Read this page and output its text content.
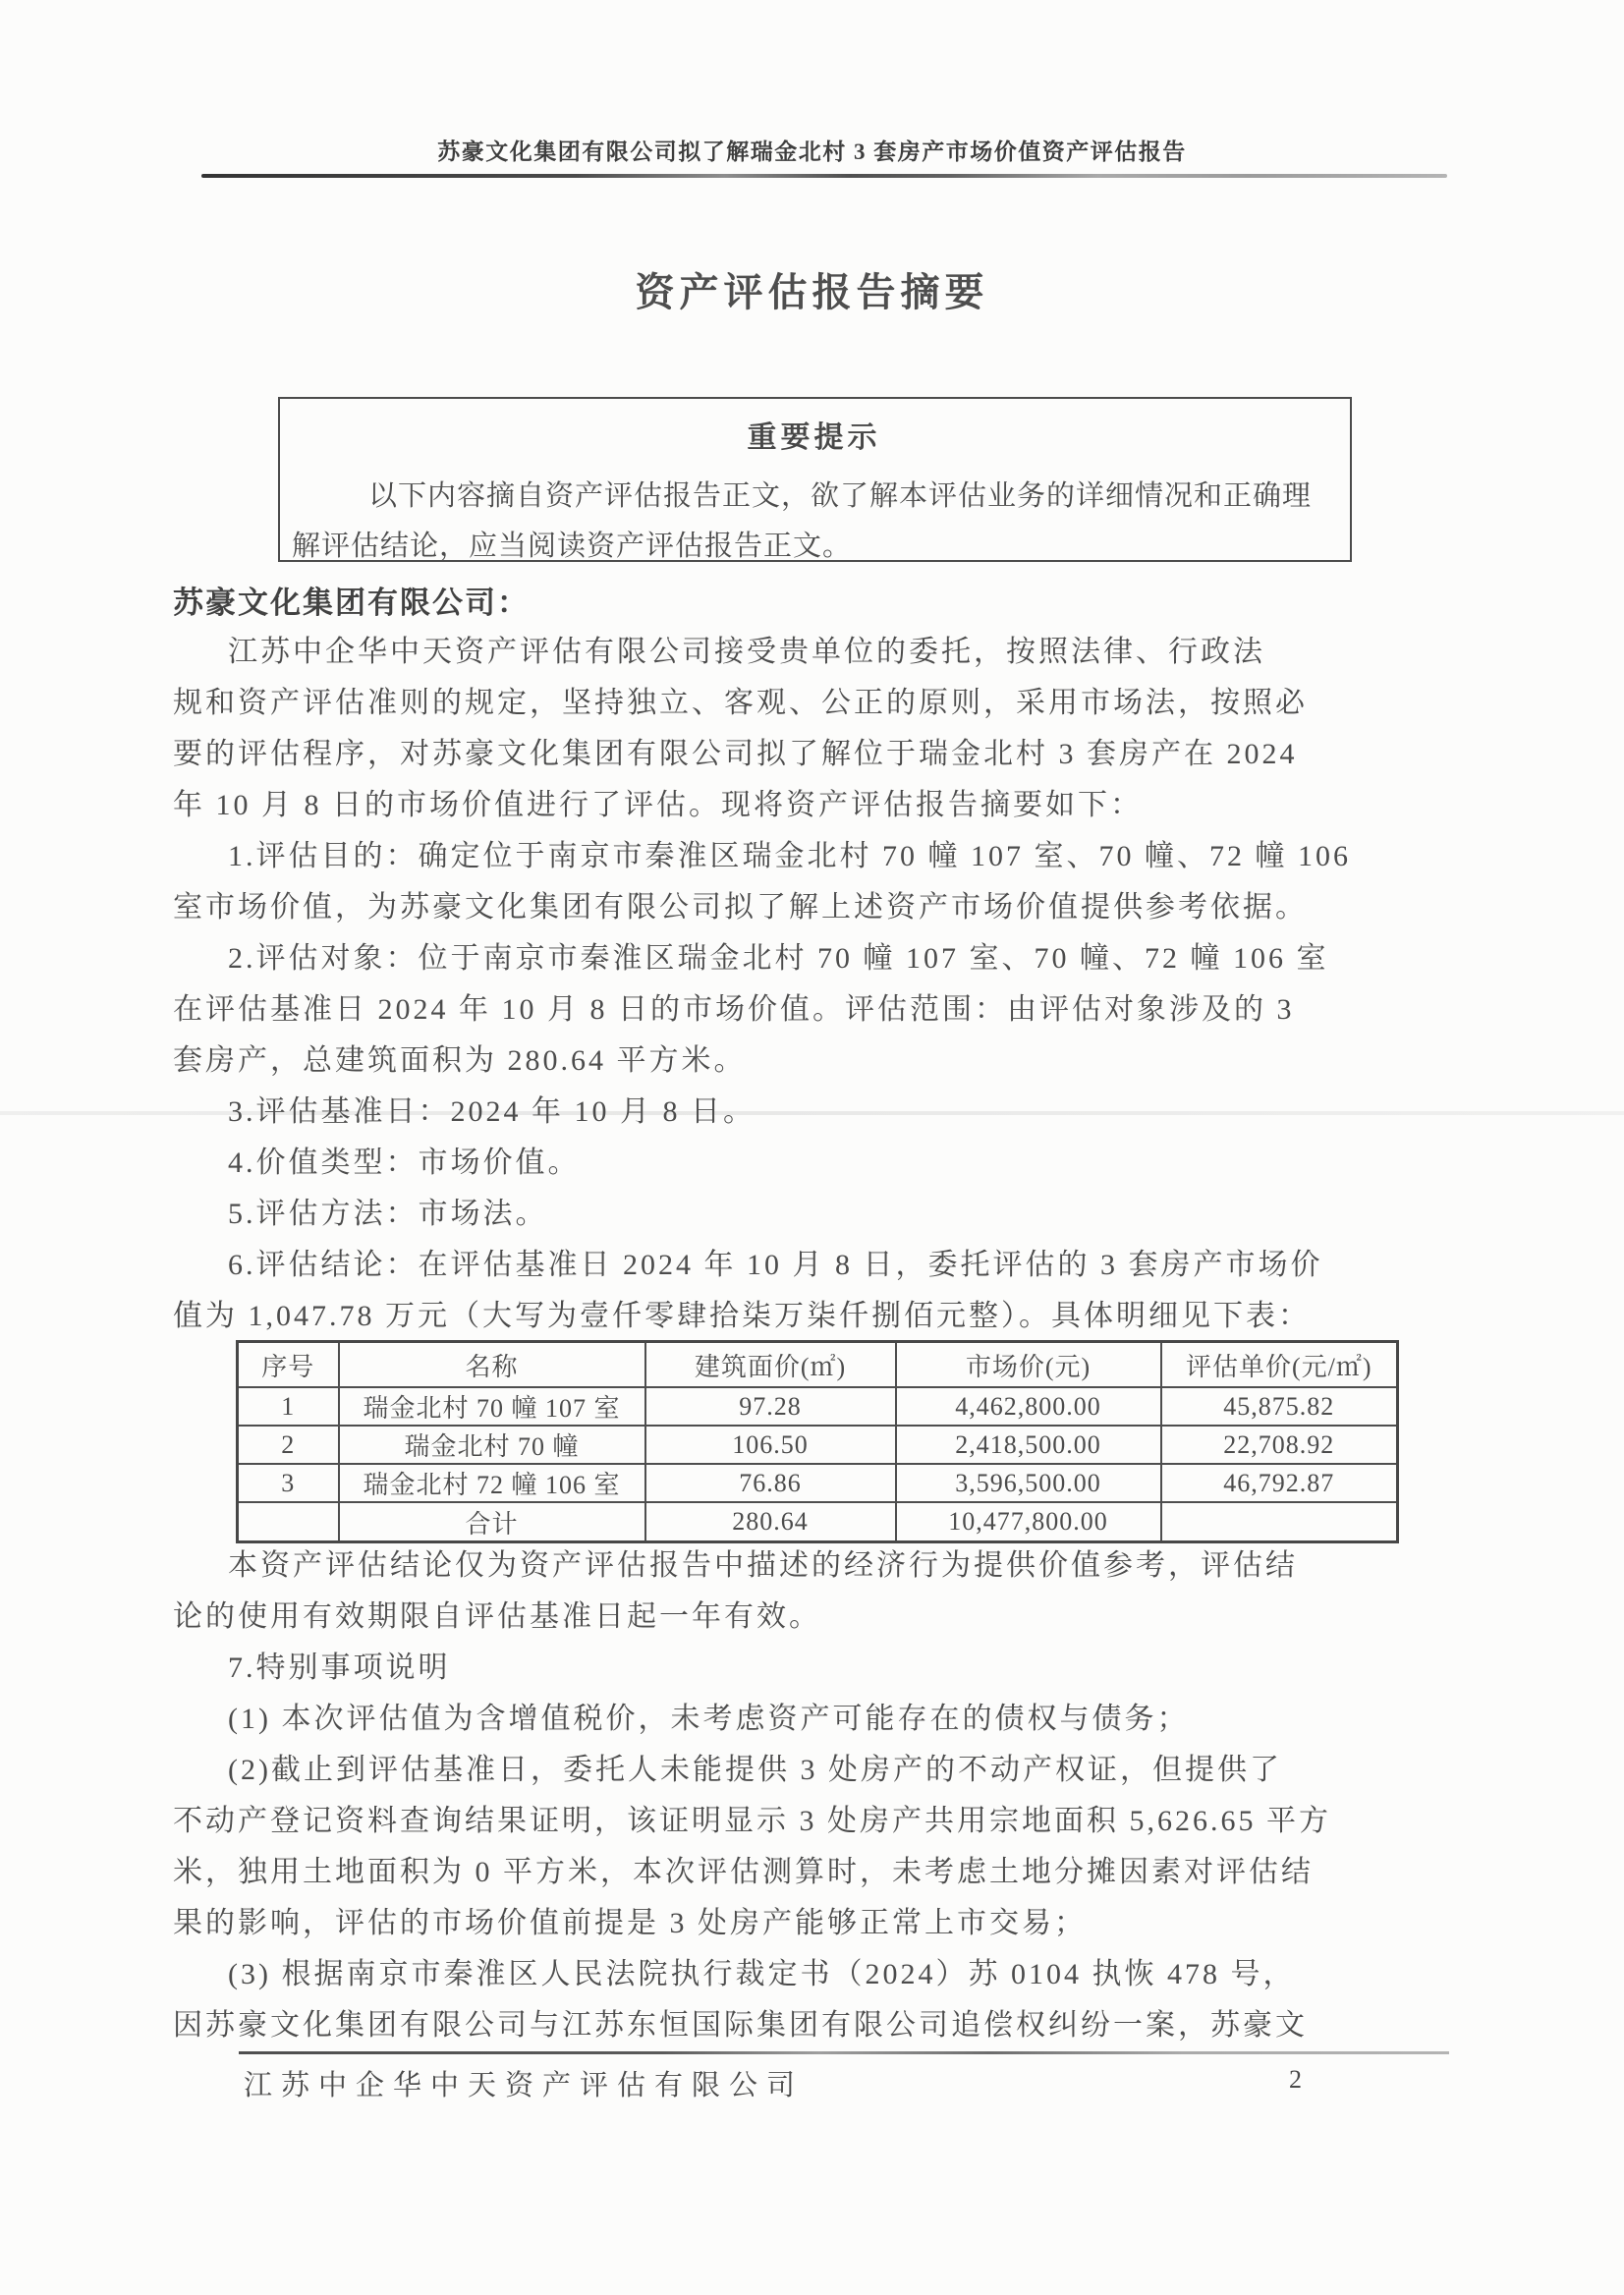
苏豪文化集团有限公司拟了解瑞金北村 3 套房产市场价值资产评估报告
资产评估报告摘要
重要提示
以下内容摘自资产评估报告正文，欲了解本评估业务的详细情况和正确理
解评估结论，应当阅读资产评估报告正文。
苏豪文化集团有限公司：
江苏中企华中天资产评估有限公司接受贵单位的委托，按照法律、行政法
规和资产评估准则的规定，坚持独立、客观、公正的原则，采用市场法，按照必
要的评估程序，对苏豪文化集团有限公司拟了解位于瑞金北村 3 套房产在 2024
年 10 月 8 日的市场价值进行了评估。现将资产评估报告摘要如下：
1.评估目的：确定位于南京市秦淮区瑞金北村 70 幢 107 室、70 幢、72 幢 106
室市场价值，为苏豪文化集团有限公司拟了解上述资产市场价值提供参考依据。
2.评估对象：位于南京市秦淮区瑞金北村 70 幢 107 室、70 幢、72 幢 106 室
在评估基准日 2024 年 10 月 8 日的市场价值。评估范围：由评估对象涉及的 3
套房产，总建筑面积为 280.64 平方米。
3.评估基准日：2024 年 10 月 8 日。
4.价值类型：市场价值。
5.评估方法：市场法。
6.评估结论：在评估基准日 2024 年 10 月 8 日，委托评估的 3 套房产市场价
值为 1,047.78 万元（大写为壹仟零肆拾柒万柒仟捌佰元整）。具体明细见下表：
序号	名称	建筑面价(㎡)	市场价(元)	评估单价(元/㎡)
1	瑞金北村 70 幢 107 室	97.28	4,462,800.00	45,875.82
2	瑞金北村 70 幢	106.50	2,418,500.00	22,708.92
3	瑞金北村 72 幢 106 室	76.86	3,596,500.00	46,792.87
	合计	280.64	10,477,800.00	
本资产评估结论仅为资产评估报告中描述的经济行为提供价值参考，评估结
论的使用有效期限自评估基准日起一年有效。
7.特别事项说明
(1) 本次评估值为含增值税价，未考虑资产可能存在的债权与债务；
(2)截止到评估基准日，委托人未能提供 3 处房产的不动产权证，但提供了
不动产登记资料查询结果证明，该证明显示 3 处房产共用宗地面积 5,626.65 平方
米，独用土地面积为 0 平方米，本次评估测算时，未考虑土地分摊因素对评估结
果的影响，评估的市场价值前提是 3 处房产能够正常上市交易；
(3) 根据南京市秦淮区人民法院执行裁定书（2024）苏 0104 执恢 478 号，
因苏豪文化集团有限公司与江苏东恒国际集团有限公司追偿权纠纷一案，苏豪文
江苏中企华中天资产评估有限公司	2
